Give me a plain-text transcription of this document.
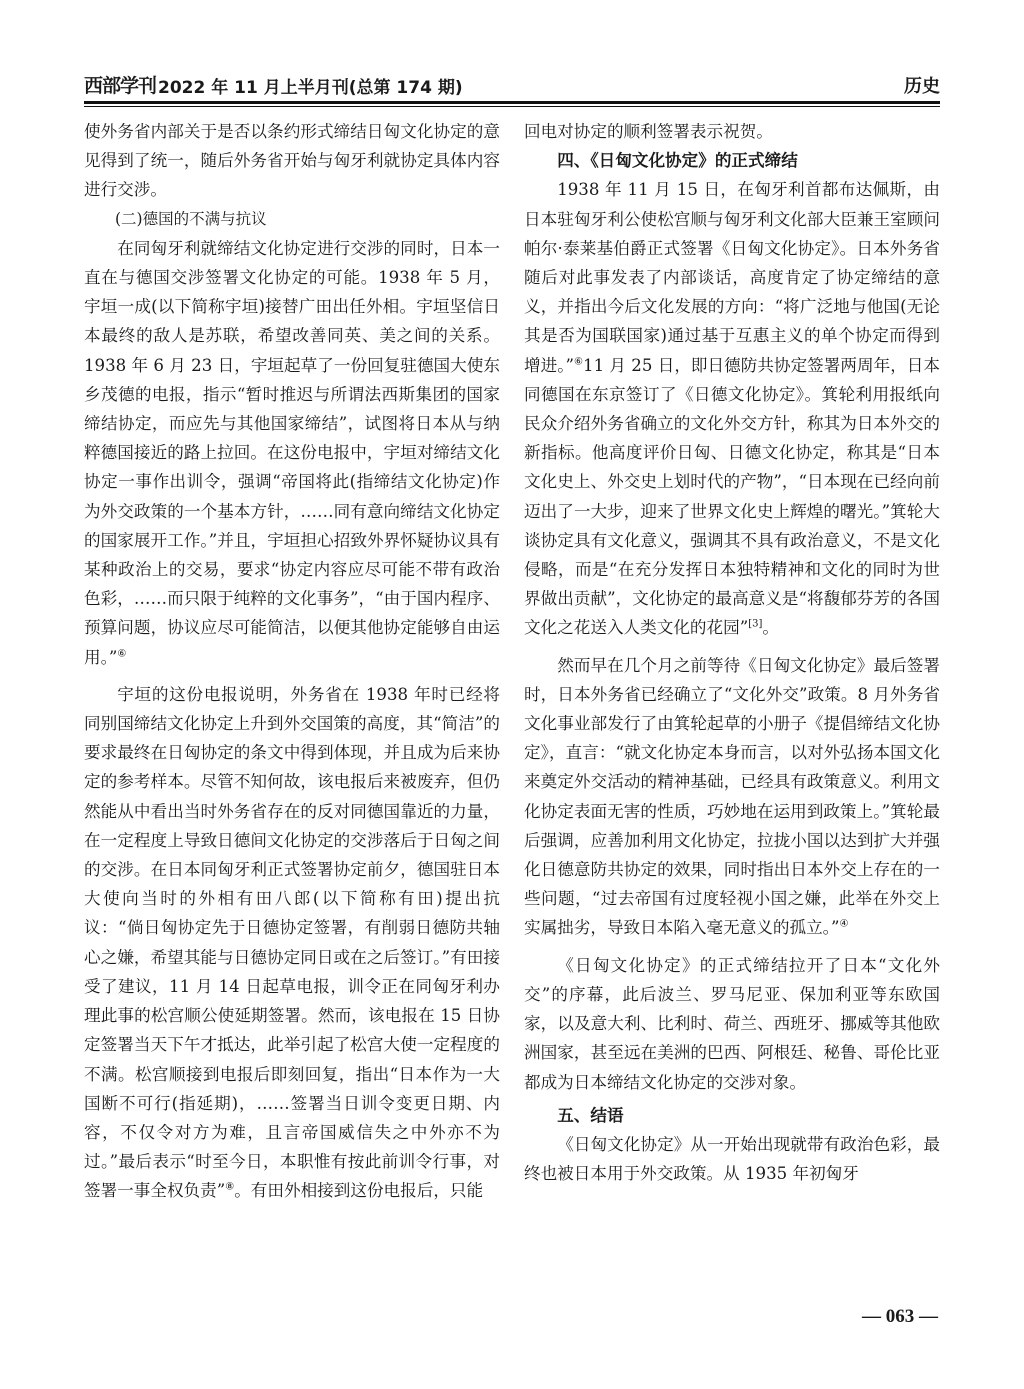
西部学刊 2022 年 11 月上半月刊(总第 174 期)	历史

使外务省内部关于是否以条约形式缔结日匈文化协定的意见得到了统一，随后外务省开始与匈牙利就协定具体内容进行交涉。

(二)德国的不满与抗议

在同匈牙利就缔结文化协定进行交涉的同时，日本一直在与德国交涉签署文化协定的可能。1938 年 5 月，宇垣一成(以下简称宇垣)接替广田出任外相。宇垣坚信日本最终的敌人是苏联，希望改善同英、美之间的关系。1938 年 6 月 23 日，宇垣起草了一份回复驻德国大使东乡茂德的电报，指示“暂时推迟与所谓法西斯集团的国家缔结协定，而应先与其他国家缔结”，试图将日本从与纳粹德国接近的路上拉回。在这份电报中，宇垣对缔结文化协定一事作出训令，强调“帝国将此(指缔结文化协定)作为外交政策的一个基本方针，……同有意向缔结文化协定的国家展开工作。”并且，宇垣担心招致外界怀疑协议具有某种政治上的交易，要求“协定内容应尽可能不带有政治色彩，……而只限于纯粹的文化事务”，“由于国内程序、预算问题，协议应尽可能简洁，以便其他协定能够自由运用。”⑥

宇垣的这份电报说明，外务省在 1938 年时已经将同别国缔结文化协定上升到外交国策的高度，其“简洁”的要求最终在日匈协定的条文中得到体现，并且成为后来协定的参考样本。尽管不知何故，该电报后来被废弃，但仍然能从中看出当时外务省存在的反对同德国靠近的力量，在一定程度上导致日德间文化协定的交涉落后于日匈之间的交涉。在日本同匈牙利正式签署协定前夕，德国驻日本大使向当时的外相有田八郎(以下简称有田)提出抗议：“倘日匈协定先于日德协定签署，有削弱日德防共轴心之嫌，希望其能与日德协定同日或在之后签订。”有田接受了建议，11 月 14 日起草电报，训令正在同匈牙利办理此事的松宫顺公使延期签署。然而，该电报在 15 日协定签署当天下午才抵达，此举引起了松宫大使一定程度的不满。松宫顺接到电报后即刻回复，指出“日本作为一大国断不可行(指延期)，……签署当日训令变更日期、内容，不仅令对方为难，且言帝国威信失之中外亦不为过。”最后表示“时至今日，本职惟有按此前训令行事，对签署一事全权负责”⑧。有田外相接到这份电报后，只能

回电对协定的顺利签署表示祝贺。

四、《日匈文化协定》的正式缔结

1938 年 11 月 15 日，在匈牙利首都布达佩斯，由日本驻匈牙利公使松宫顺与匈牙利文化部大臣兼王室顾问帕尔·泰莱基伯爵正式签署《日匈文化协定》。日本外务省随后对此事发表了内部谈话，高度肯定了协定缔结的意义，并指出今后文化发展的方向：“将广泛地与他国(无论其是否为国联国家)通过基于互惠主义的单个协定而得到增进。”⑥11 月 25 日，即日德防共协定签署两周年，日本同德国在东京签订了《日德文化协定》。箕轮利用报纸向民众介绍外务省确立的文化外交方针，称其为日本外交的新指标。他高度评价日匈、日德文化协定，称其是“日本文化史上、外交史上划时代的产物”，“日本现在已经向前迈出了一大步，迎来了世界文化史上辉煌的曙光。”箕轮大谈协定具有文化意义，强调其不具有政治意义，不是文化侵略，而是“在充分发挥日本独特精神和文化的同时为世界做出贡献”，文化协定的最高意义是“将馥郁芬芳的各国文化之花送入人类文化的花园”[3]。

然而早在几个月之前等待《日匈文化协定》最后签署时，日本外务省已经确立了“文化外交”政策。8 月外务省文化事业部发行了由箕轮起草的小册子《提倡缔结文化协定》，直言：“就文化协定本身而言，以对外弘扬本国文化来奠定外交活动的精神基础，已经具有政策意义。利用文化协定表面无害的性质，巧妙地在运用到政策上。”箕轮最后强调，应善加利用文化协定，拉拢小国以达到扩大并强化日德意防共协定的效果，同时指出日本外交上存在的一些问题，“过去帝国有过度轻视小国之嫌，此举在外交上实属拙劣，导致日本陷入毫无意义的孤立。”④

《日匈文化协定》的正式缔结拉开了日本“文化外交”的序幕，此后波兰、罗马尼亚、保加利亚等东欧国家，以及意大利、比利时、荷兰、西班牙、挪威等其他欧洲国家，甚至远在美洲的巴西、阿根廷、秘鲁、哥伦比亚都成为日本缔结文化协定的交涉对象。

五、结语

《日匈文化协定》从一开始出现就带有政治色彩，最终也被日本用于外交政策。从 1935 年初匈牙

— 063 —
